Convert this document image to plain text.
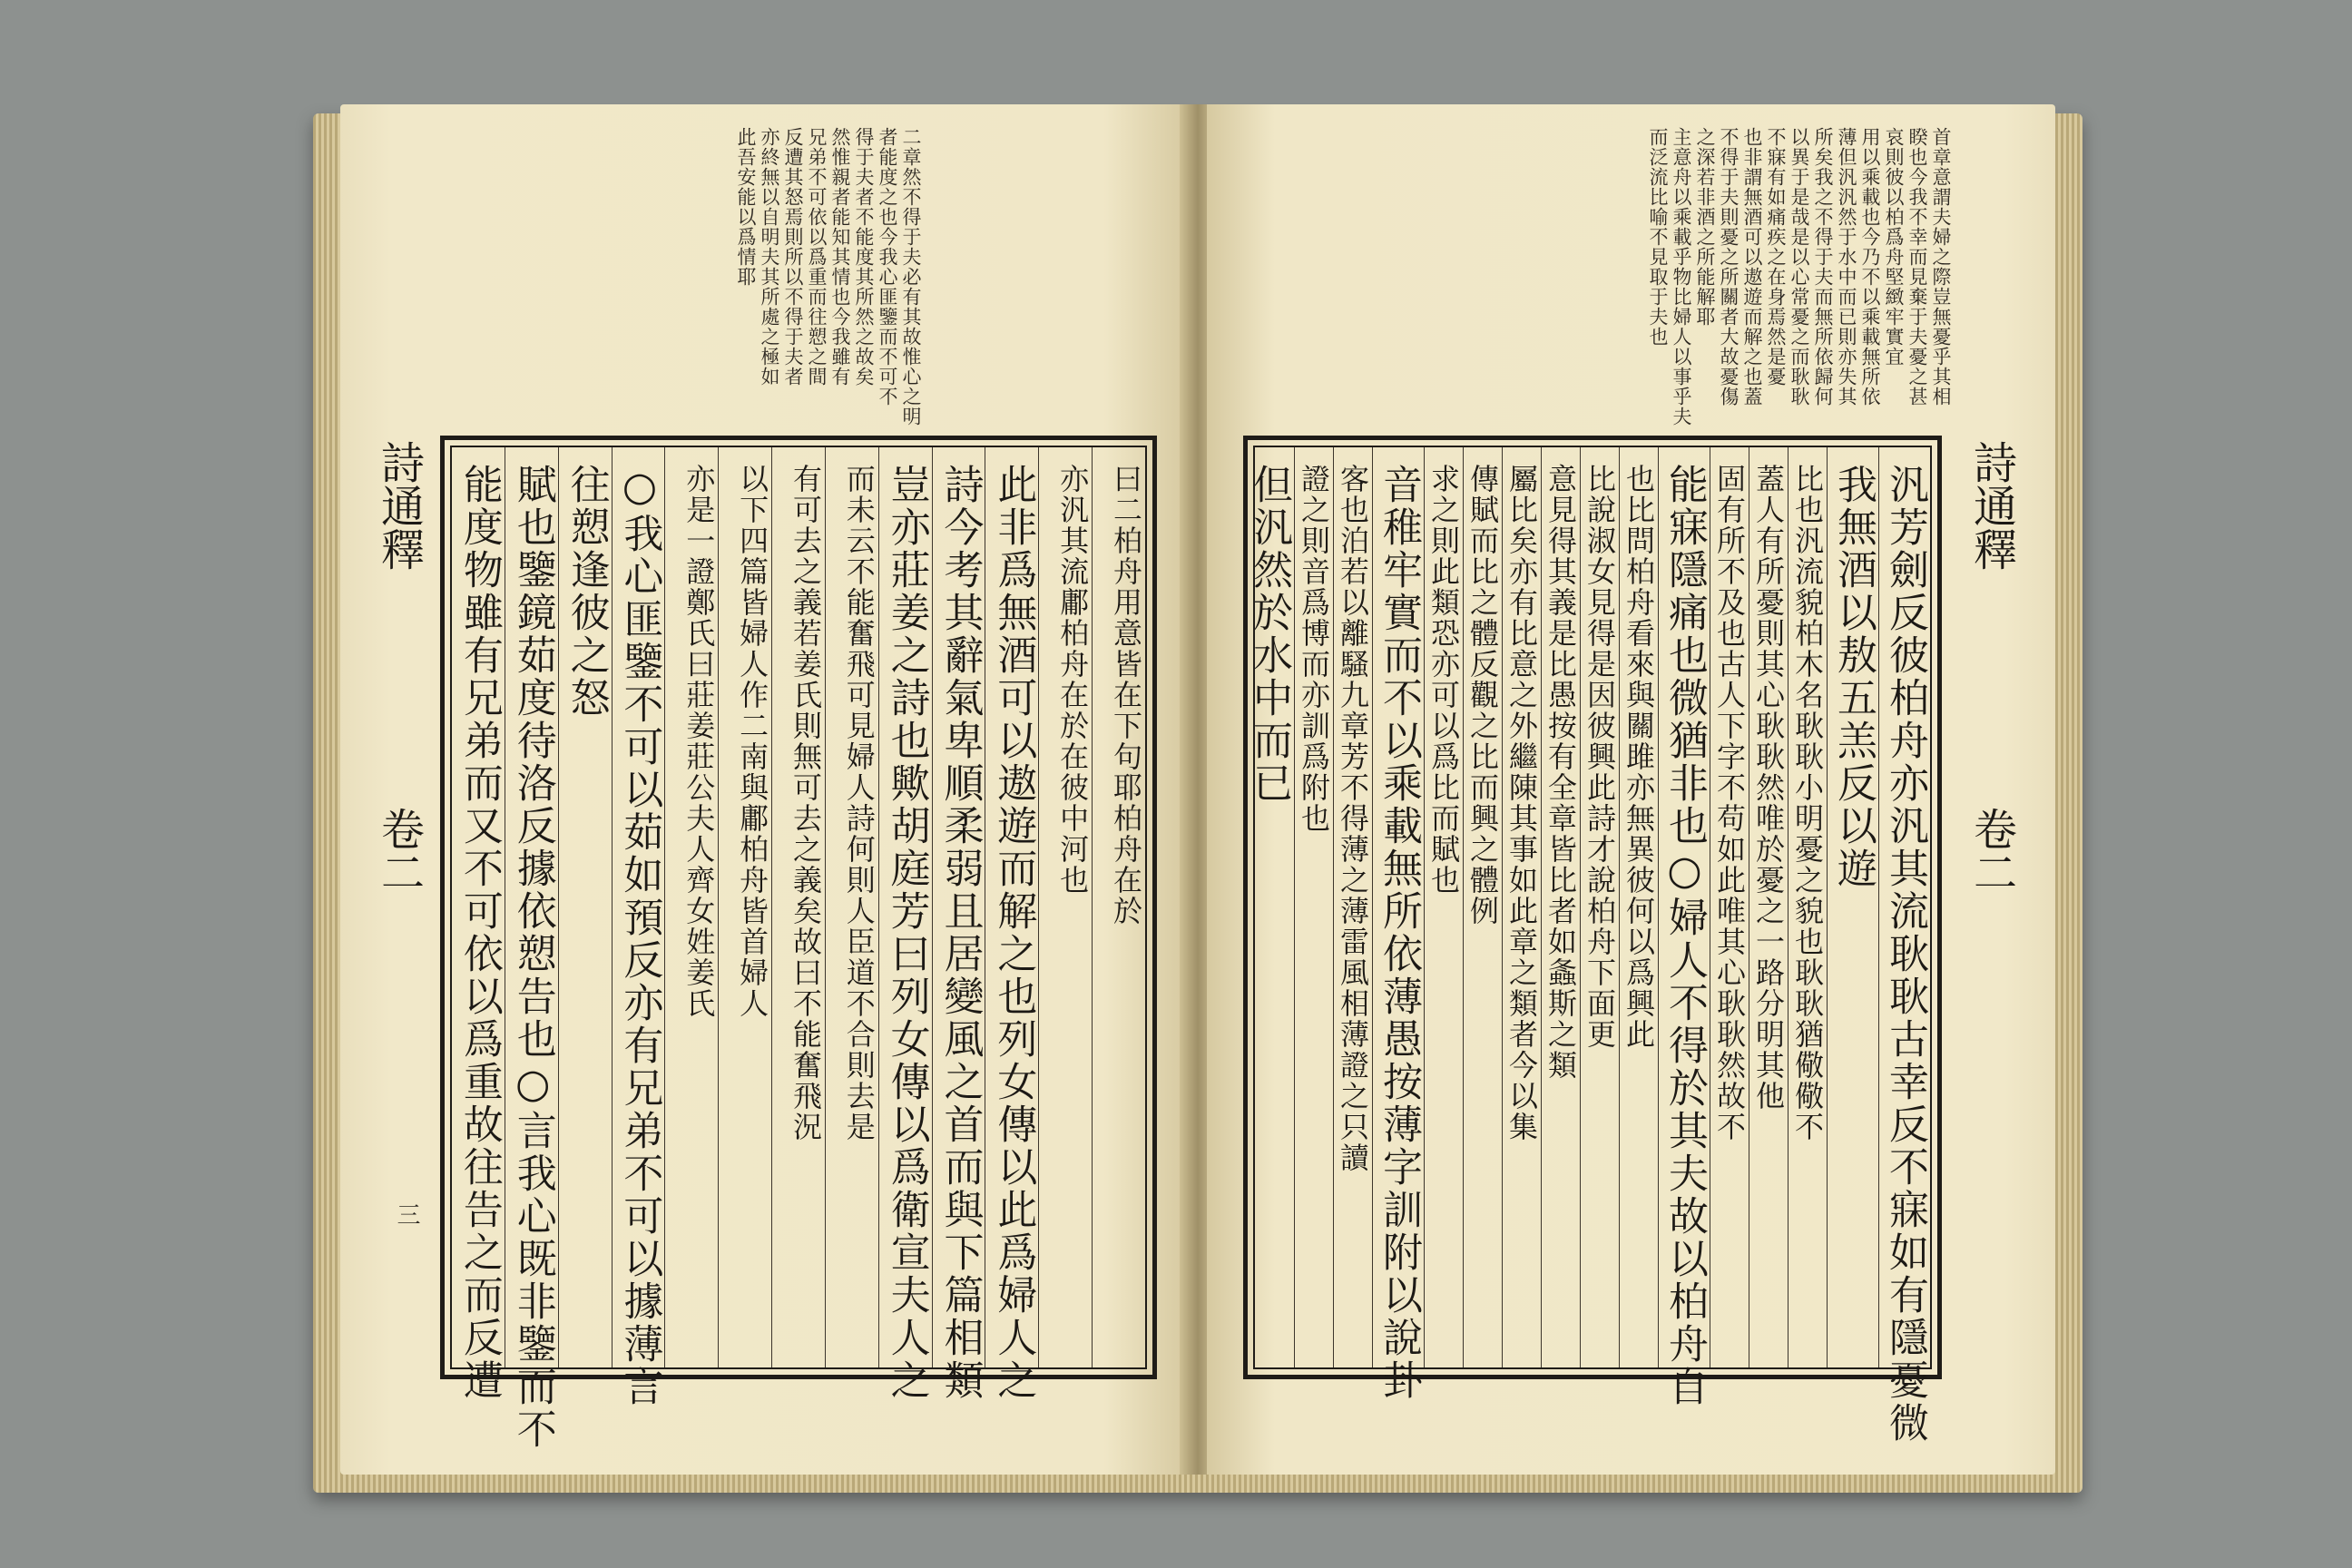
二章然不得于夫必有其故惟心之明
者能度之也今我心匪鑒而不可不
得于夫者不能度其所然之故矣
然惟親者能知其情也今我雖有
兄弟不可依以爲重而往愬之間
反遭其怒焉則所以不得于夫者
亦終無以自明夫其所處之極如
此吾安能以爲情耶
詩通釋
卷二
三
曰二柏舟用意皆在下句耶柏舟在於
亦汎其流鄘柏舟在於在彼中河也
此非爲無酒可以遨遊而解之也列女傳以此爲婦人之
詩今考其辭氣卑順柔弱且居變風之首而與下篇相類
豈亦莊姜之詩也歟胡庭芳曰列女傳以爲衛宣夫人之
而未云不能奮飛可見婦人詩何則人臣道不合則去是
有可去之義若姜氏則無可去之義矣故曰不能奮飛況
以下四篇皆婦人作二南與鄘柏舟皆首婦人
亦是一證鄭氏曰莊姜莊公夫人齊女姓姜氏
○我心匪鑒不可以茹如預反亦有兄弟不可以據薄言
往愬逢彼之怒
賦也鑒鏡茹度待洛反據依愬告也○言我心既非鑒而不
能度物雖有兄弟而又不可依以爲重故往告之而反遭
首章意謂夫婦之際豈無憂乎其相
睽也今我不幸而見棄于夫憂之甚
哀則彼以柏爲舟堅緻牢實宜
用以乘載也今乃不以乘載無所依
薄但汎汎然于水中而已則亦失其
所矣我之不得于夫而無所依歸何
以異于是哉是以心常憂之而耿耿
不寐有如痛疾之在身焉然是憂
也非謂無酒可以遨遊而解之也蓋
不得于夫則憂之所關者大故憂傷
之深若非酒之所能解耶
主意舟以乘載乎物比婦人以事乎夫
而泛流比喻不見取于夫也
汎芳劍反彼柏舟亦汎其流耿耿古幸反不寐如有隱憂微
我無酒以敖五羔反以遊
比也汎流貌柏木名耿耿小明憂之貌也耿耿猶儆儆不
蓋人有所憂則其心耿耿然唯於憂之一路分明其他
固有所不及也古人下字不苟如此唯其心耿耿然故不
能寐隱痛也微猶非也○婦人不得於其夫故以柏舟自
也比問柏舟看來與關雎亦無異彼何以爲興此
比說淑女見得是因彼興此詩才說柏舟下面更
意見得其義是比愚按有全章皆比者如螽斯之類
屬比矣亦有比意之外繼陳其事如此章之類者今以集
傳賦而比之體反觀之比而興之體例
求之則此類恐亦可以爲比而賦也
音稚牢實而不以乘載無所依薄愚按薄字訓附以說卦
客也泊若以離騷九章芳不得薄之薄雷風相薄證之只讀
證之則音爲博而亦訓爲附也
但汎然於水中而已	詩通釋
卷二
